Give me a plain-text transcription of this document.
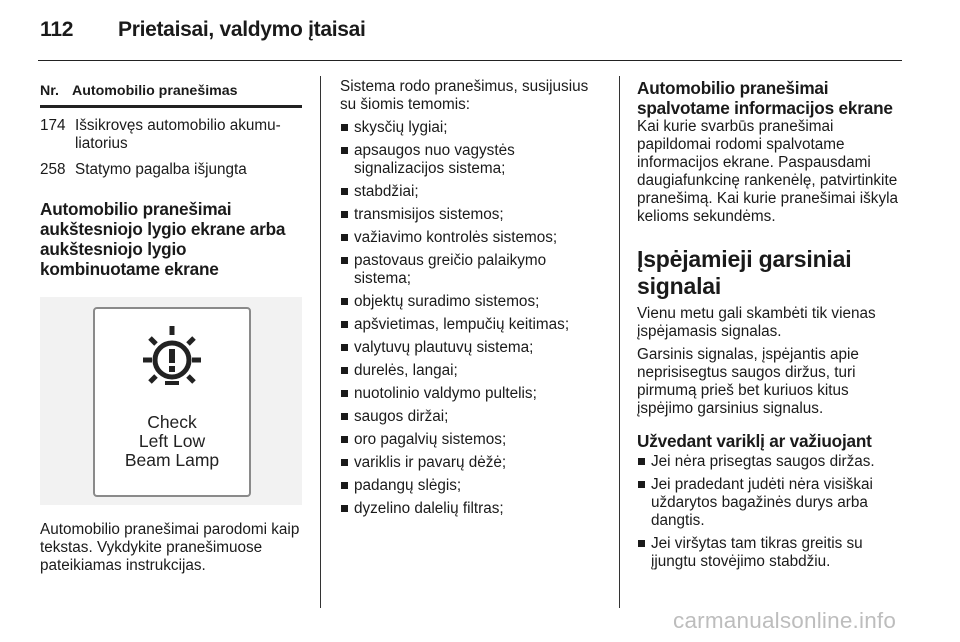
112 Prietaisai, valdymo įtaisai
Nr. Automobilio pranešimas
174 Išsikrovęs automobilio akumu-liatorius
258 Statymo pagalba išjungta
Automobilio pranešimai aukštesniojo lygio ekrane arba aukštesniojo lygio kombinuotame ekrane
Check
Left Low
Beam Lamp

Automobilio pranešimai parodomi kaip tekstas. Vykdykite pranešimuose pateikiamas instrukcijas.

Sistema rodo pranešimus, susijusius su šiomis temomis:

skysčių lygiai;
apsaugos nuo vagystės signalizacijos sistema;
stabdžiai;
transmisijos sistemos;
važiavimo kontrolės sistemos;
pastovaus greičio palaikymo sistema;
objektų suradimo sistemos;
apšvietimas, lempučių keitimas;
valytuvų plautuvų sistema;
durelės, langai;
nuotolinio valdymo pultelis;
saugos diržai;
oro pagalvių sistemos;
variklis ir pavarų dėžė;
padangų slėgis;
dyzelino dalelių filtras;
Automobilio pranešimai spalvotame informacijos ekrane

Kai kurie svarbūs pranešimai papildomai rodomi spalvotame informacijos ekrane. Paspausdami daugiafunkcinę rankenėlę, patvirtinkite pranešimą. Kai kurie pranešimai iškyla kelioms sekundėms.

Įspėjamieji garsiniai signalai

Vienu metu gali skambėti tik vienas įspėjamasis signalas.

Garsinis signalas, įspėjantis apie neprisisegtus saugos diržus, turi pirmumą prieš bet kuriuos kitus įspėjimo garsinius signalus.

Užvedant variklį ar važiuojant
Jei nėra prisegtas saugos diržas.
Jei pradedant judėti nėra visiškai uždarytos bagažinės durys arba dangtis.
Jei viršytas tam tikras greitis su įjungtu stovėjimo stabdžiu.
carmanualsonline.info
